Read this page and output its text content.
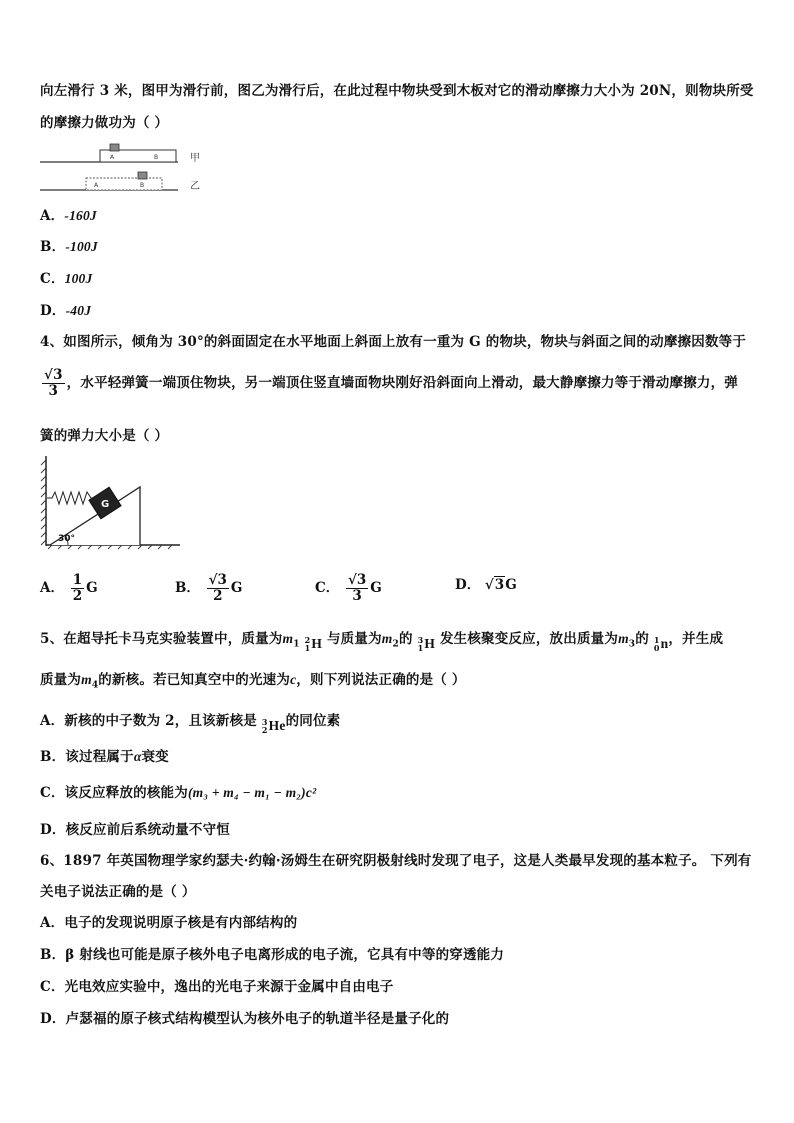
向左滑行 3 米，图甲为滑行前，图乙为滑行后，在此过程中物块受到木板对它的滑动摩擦力大小为 20N，则物块所受
的摩擦力做功为（ ）
A	B	甲
A	B	乙
A．-160J
B．-100J
C．100J
D．-40J
4、如图所示，倾角为 30°的斜面固定在水平地面上斜面上放有一重为 G 的物块，物块与斜面之间的动摩擦因数等于
$\frac{√3}{3}$ ，水平轻弹簧一端顶住物块，另一端顶住竖直墙面物块刚好沿斜面向上滑动，最大静摩擦力等于滑动摩擦力，弹
簧的弹力大小是（ ）
G
30°
A． $\frac{1}{2}$ G	B． $\frac{√3}{2}$ G	C． $\frac{√3}{3}$ G	D． √3G
5、在超导托卡马克实验装置中，质量为$m_1$ 2
1 H 与质量为$m_2$的 3
1 H 发生核聚变反应，放出质量为$m_3$的 1
0 n ，并生成
质量为$m_4$的新核。若已知真空中的光速为c，则下列说法正确的是（ ）
A．新核的中子数为 2，且该新核是 3
2 He 的同位素
B．该过程属于α衰变
C．该反应释放的核能为(m₃ + m₄ − m₁ − m₂)c²
D．核反应前后系统动量不守恒
6、1897 年英国物理学家约瑟夫·约翰·汤姆生在研究阴极射线时发现了电子，这是人类最早发现的基本粒子。 下列有
关电子说法正确的是（ ）
A．电子的发现说明原子核是有内部结构的
B．β 射线也可能是原子核外电子电离形成的电子流，它具有中等的穿透能力
C．光电效应实验中，逸出的光电子来源于金属中自由电子
D．卢瑟福的原子核式结构模型认为核外电子的轨道半径是量子化的
